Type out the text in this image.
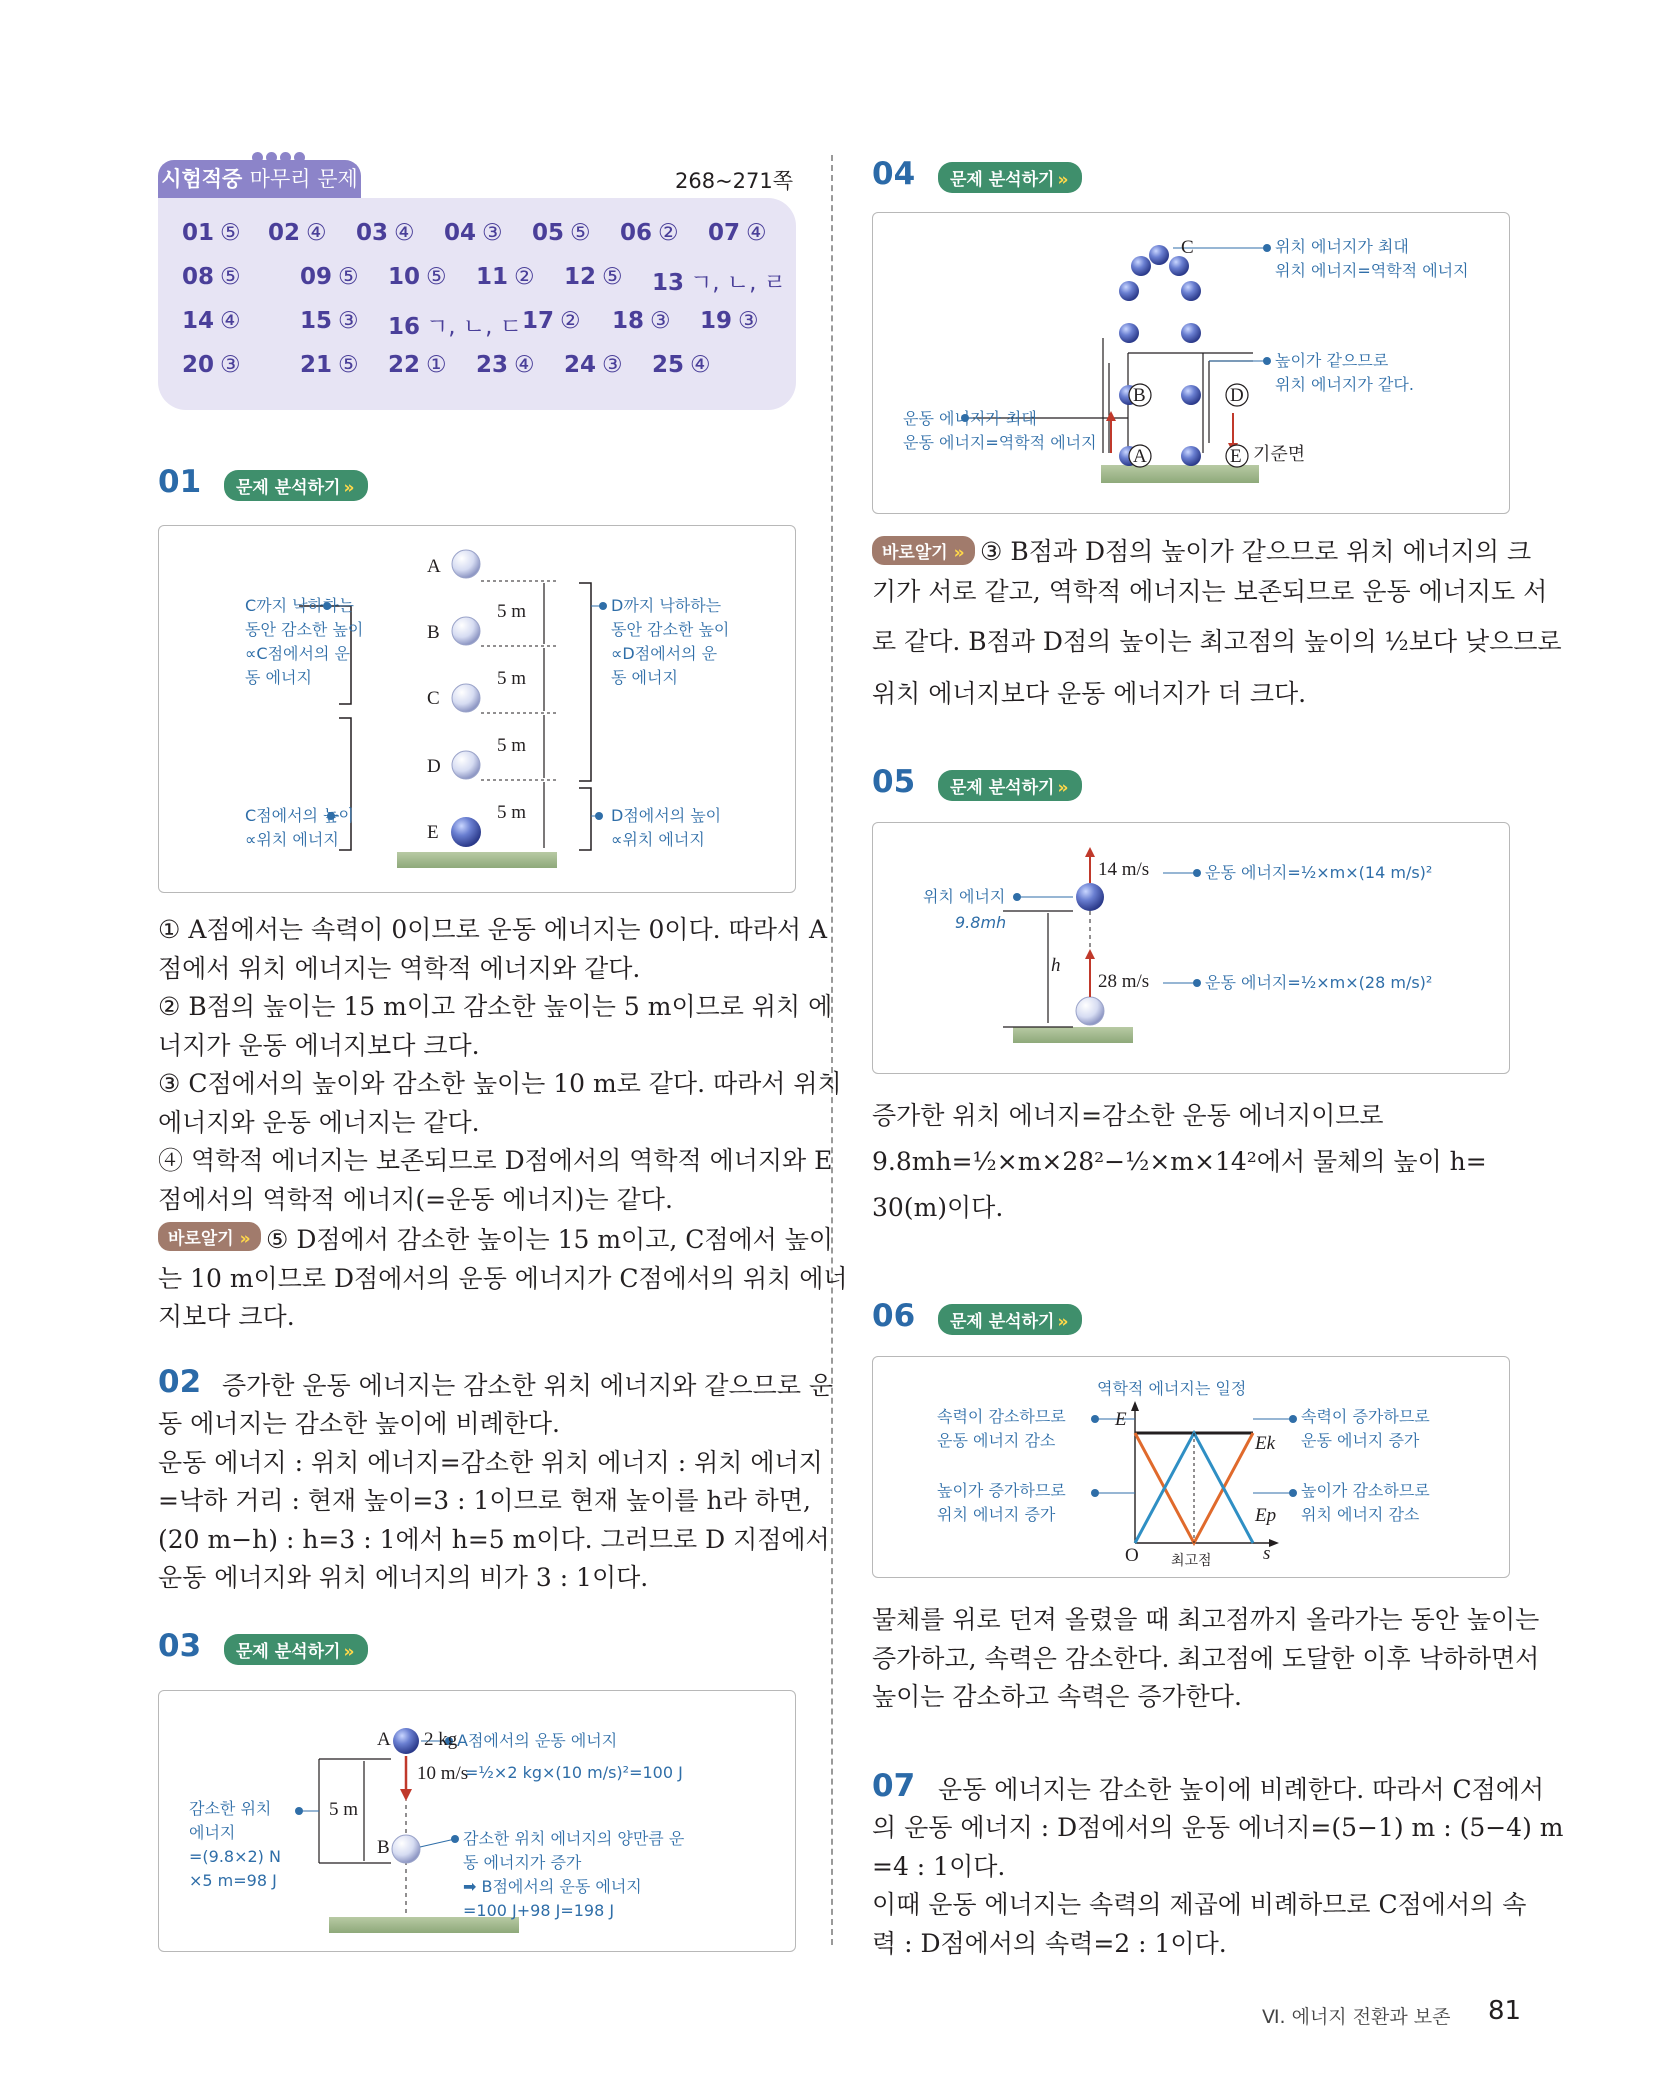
시험적중 마무리 문제	268~271쪽
01 ⑤ 02 ④ 03 ④ 04 ③ 05 ⑤ 06 ② 07 ④
08 ⑤	09 ⑤ 10 ⑤ 11 ② 12 ⑤ 13 ㄱ, ㄴ, ㄹ
14 ④	15 ③ 16 ㄱ, ㄴ, ㄷ 17 ② 18 ③ 19 ③
20 ③	21 ⑤ 22 ① 23 ④ 24 ③ 25 ④
01	문제 분석하기 »
A
B
C
D
E
5 m
5 m
5 m
5 m
C까지 낙하하는
동안 감소한 높이
∝C점에서의 운
동 에너지
D까지 낙하하는
동안 감소한 높이
∝D점에서의 운
동 에너지
C점에서의 높이
∝위치 에너지
D점에서의 높이
∝위치 에너지
① A점에서는 속력이 0이므로 운동 에너지는 0이다. 따라서 A
점에서 위치 에너지는 역학적 에너지와 같다.
② B점의 높이는 15 m이고 감소한 높이는 5 m이므로 위치 에
너지가 운동 에너지보다 크다.
③ C점에서의 높이와 감소한 높이는 10 m로 같다. 따라서 위치
에너지와 운동 에너지는 같다.
④ 역학적 에너지는 보존되므로 D점에서의 역학적 에너지와 E
점에서의 역학적 에너지(=운동 에너지)는 같다.
바로알기 » ⑤ D점에서 감소한 높이는 15 m이고, C점에서 높이
는 10 m이므로 D점에서의 운동 에너지가 C점에서의 위치 에너
지보다 크다.
02 증가한 운동 에너지는 감소한 위치 에너지와 같으므로 운
동 에너지는 감소한 높이에 비례한다.
운동 에너지 : 위치 에너지=감소한 위치 에너지 : 위치 에너지
=낙하 거리 : 현재 높이=3 : 1이므로 현재 높이를 h라 하면,
(20 m−h) : h=3 : 1에서 h=5 m이다. 그러므로 D 지점에서
운동 에너지와 위치 에너지의 비가 3 : 1이다.
03	문제 분석하기 »
A
B
2 kg
10 m/s
5 m
A점에서의 운동 에너지
=½×2 kg×(10 m/s)²=100 J
감소한 위치
에너지
=(9.8×2) N
×5 m=98 J
감소한 위치 에너지의 양만큼 운
동 에너지가 증가
➡ B점에서의 운동 에너지
=100 J+98 J=198 J
04	문제 분석하기 »
C
B	D
A	E
위치 에너지가 최대
위치 에너지=역학적 에너지
높이가 같으므로
위치 에너지가 같다.
운동 에너지가 최대
운동 에너지=역학적 에너지
기준면
바로알기 » ③ B점과 D점의 높이가 같으므로 위치 에너지의 크
기가 서로 같고, 역학적 에너지는 보존되므로 운동 에너지도 서
로 같다. B점과 D점의 높이는 최고점의 높이의 ½보다 낮으므로
위치 에너지보다 운동 에너지가 더 크다.
05	문제 분석하기 »
14 m/s
28 m/s
h
위치 에너지
9.8mh
운동 에너지=½×m×(14 m/s)²
운동 에너지=½×m×(28 m/s)²
증가한 위치 에너지=감소한 운동 에너지이므로
9.8mh=½×m×28²−½×m×14²에서 물체의 높이 h=
30(m)이다.
06	문제 분석하기 »
역학적 에너지는 일정
E
Ek
Ep
O	s
최고점
속력이 감소하므로
운동 에너지 감소
높이가 증가하므로
위치 에너지 증가
속력이 증가하므로
운동 에너지 증가
높이가 감소하므로
위치 에너지 감소
물체를 위로 던져 올렸을 때 최고점까지 올라가는 동안 높이는
증가하고, 속력은 감소한다. 최고점에 도달한 이후 낙하하면서
높이는 감소하고 속력은 증가한다.
07 운동 에너지는 감소한 높이에 비례한다. 따라서 C점에서
의 운동 에너지 : D점에서의 운동 에너지=(5−1) m : (5−4) m
=4 : 1이다.
이때 운동 에너지는 속력의 제곱에 비례하므로 C점에서의 속
력 : D점에서의 속력=2 : 1이다.
Ⅵ. 에너지 전환과 보존 81
